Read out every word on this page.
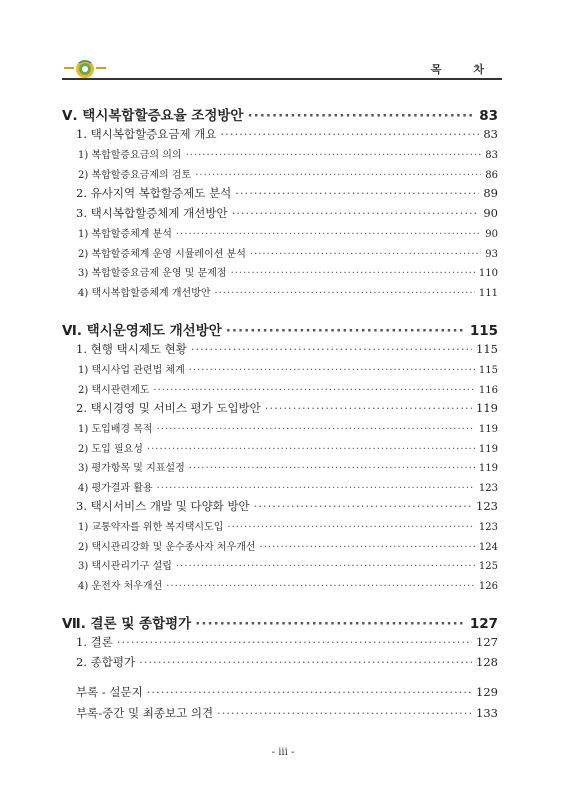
목 차
Ⅴ. 택시복합할증요율 조정방안 ·····	83
1. 택시복합할증요금제 개요 ·····	83
1) 복합할증요금의 의의 ·····	83
2) 복합할증요금제의 검토 ·····	86
2. 유사지역 복합할증제도 분석 ·····	89
3. 택시복합할증체계 개선방안 ·····	90
1) 복합할증체계 분석 ·····	90
2) 복합할증체계 운영 시뮬레이션 분석 ·····	93
3) 복합할증요금제 운영 및 문제점 ·····	110
4) 택시복합할증체계 개선방안 ·····	111
Ⅵ. 택시운영제도 개선방안 ·····	115
1. 현행 택시제도 현황 ·····	115
1) 택시사업 관련법 체계 ·····	115
2) 택시관련제도 ·····	116
2. 택시경영 및 서비스 평가 도입방안 ·····	119
1) 도입배경 목적 ·····	119
2) 도입 필요성 ·····	119
3) 평가항목 및 지표설정 ·····	119
4) 평가결과 활용 ·····	123
3. 택시서비스 개발 및 다양화 방안 ·····	123
1) 교통약자를 위한 복지택시도입 ·····	123
2) 택시관리강화 및 운수종사자 처우개선 ·····	124
3) 택시관리기구 설립 ·····	125
4) 운전자 처우개선 ·····	126
Ⅶ. 결론 및 종합평가 ·····	127
1. 결론 ·····	127
2. 종합평가 ·····	128
부록 - 설문지 ·····	129
부록-중간 및 최종보고 의견 ·····	133
- iii -
